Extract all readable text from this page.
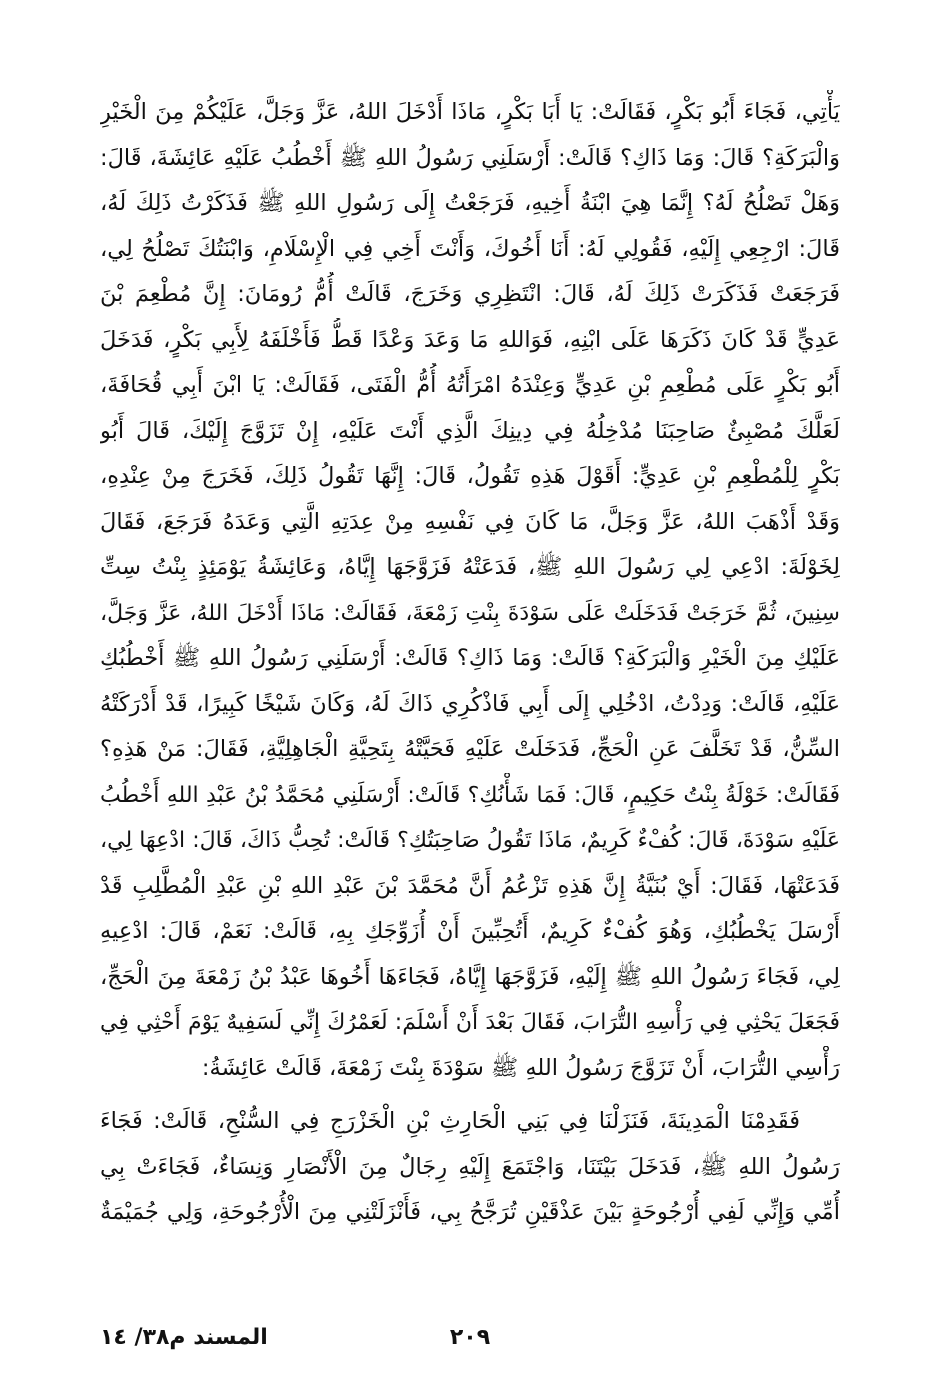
يَأْتِي، فَجَاءَ أَبُو بَكْرٍ، فَقَالَتْ: يَا أَبَا بَكْرٍ، مَاذَا أَدْخَلَ اللهُ، عَزَّ وَجَلَّ، عَلَيْكُمْ مِنَ الْخَيْرِ
وَالْبَرَكَةِ؟ قَالَ: وَمَا ذَاكِ؟ قَالَتْ: أَرْسَلَنِي رَسُولُ اللهِ ﷺ أَخْطُبُ عَلَيْهِ عَائِشَةَ، قَالَ:
وَهَلْ تَصْلُحُ لَهُ؟ إِنَّمَا هِيَ ابْنَةُ أَخِيهِ، فَرَجَعْتُ إِلَى رَسُولِ اللهِ ﷺ فَذَكَرْتُ ذَلِكَ لَهُ،
قَالَ: ارْجِعِي إِلَيْهِ، فَقُولِي لَهُ: أَنَا أَخُوكَ، وَأَنْتَ أَخِي فِي الْإِسْلَامِ، وَابْنَتُكَ تَصْلُحُ لِي،
فَرَجَعَتْ فَذَكَرَتْ ذَلِكَ لَهُ، قَالَ: انْتَظِرِي وَخَرَجَ، قَالَتْ أُمُّ رُومَانَ: إِنَّ مُطْعِمَ بْنَ
عَدِيٍّ قَدْ كَانَ ذَكَرَهَا عَلَى ابْنِهِ، فَوَاللهِ مَا وَعَدَ وَعْدًا قَطُّ فَأَخْلَفَهُ لِأَبِي بَكْرٍ، فَدَخَلَ
أَبُو بَكْرٍ عَلَى مُطْعِمِ بْنِ عَدِيٍّ وَعِنْدَهُ امْرَأَتُهُ أُمُّ الْفَتَى، فَقَالَتْ: يَا ابْنَ أَبِي قُحَافَةَ،
لَعَلَّكَ مُصْبِئٌ صَاحِبَنَا مُدْخِلُهُ فِي دِينِكَ الَّذِي أَنْتَ عَلَيْهِ، إِنْ تَزَوَّجَ إِلَيْكَ، قَالَ أَبُو
بَكْرٍ لِلْمُطْعِمِ بْنِ عَدِيٍّ: أَقَوْلَ هَذِهِ تَقُولُ، قَالَ: إِنَّهَا تَقُولُ ذَلِكَ، فَخَرَجَ مِنْ عِنْدِهِ،
وَقَدْ أَذْهَبَ اللهُ، عَزَّ وَجَلَّ، مَا كَانَ فِي نَفْسِهِ مِنْ عِدَتِهِ الَّتِي وَعَدَهُ فَرَجَعَ، فَقَالَ
لِخَوْلَةَ: ادْعِي لِي رَسُولَ اللهِ ﷺ، فَدَعَتْهُ فَزَوَّجَهَا إِيَّاهُ، وَعَائِشَةُ يَوْمَئِذٍ بِنْتُ سِتِّ
سِنِينَ، ثُمَّ خَرَجَتْ فَدَخَلَتْ عَلَى سَوْدَةَ بِنْتِ زَمْعَةَ، فَقَالَتْ: مَاذَا أَدْخَلَ اللهُ، عَزَّ وَجَلَّ،
عَلَيْكِ مِنَ الْخَيْرِ وَالْبَرَكَةِ؟ قَالَتْ: وَمَا ذَاكِ؟ قَالَتْ: أَرْسَلَنِي رَسُولُ اللهِ ﷺ أَخْطُبُكِ
عَلَيْهِ، قَالَتْ: وَدِدْتُ، ادْخُلِي إِلَى أَبِي فَاذْكُرِي ذَاكَ لَهُ، وَكَانَ شَيْخًا كَبِيرًا، قَدْ أَدْرَكَتْهُ
السِّنُّ، قَدْ تَخَلَّفَ عَنِ الْحَجِّ، فَدَخَلَتْ عَلَيْهِ فَحَيَّتْهُ بِتَحِيَّةِ الْجَاهِلِيَّةِ، فَقَالَ: مَنْ هَذِهِ؟
فَقَالَتْ: خَوْلَةُ بِنْتُ حَكِيمٍ، قَالَ: فَمَا شَأْنُكِ؟ قَالَتْ: أَرْسَلَنِي مُحَمَّدُ بْنُ عَبْدِ اللهِ أَخْطُبُ
عَلَيْهِ سَوْدَةَ، قَالَ: كُفْءٌ كَرِيمٌ، مَاذَا تَقُولُ صَاحِبَتُكِ؟ قَالَتْ: تُحِبُّ ذَاكَ، قَالَ: ادْعِهَا لِي،
فَدَعَتْهَا، فَقَالَ: أَيْ بُنَيَّةُ إِنَّ هَذِهِ تَزْعُمُ أَنَّ مُحَمَّدَ بْنَ عَبْدِ اللهِ بْنِ عَبْدِ الْمُطَّلِبِ قَدْ
أَرْسَلَ يَخْطُبُكِ، وَهُوَ كُفْءٌ كَرِيمٌ، أَتُحِبِّينَ أَنْ أُزَوِّجَكِ بِهِ، قَالَتْ: نَعَمْ، قَالَ: ادْعِيهِ
لِي، فَجَاءَ رَسُولُ اللهِ ﷺ إِلَيْهِ، فَزَوَّجَهَا إِيَّاهُ، فَجَاءَهَا أَخُوهَا عَبْدُ بْنُ زَمْعَةَ مِنَ الْحَجِّ،
فَجَعَلَ يَحْثِي فِي رَأْسِهِ التُّرَابَ، فَقَالَ بَعْدَ أَنْ أَسْلَمَ: لَعَمْرُكَ إِنِّي لَسَفِيهٌ يَوْمَ أَحْثِي فِي
رَأْسِي التُّرَابَ، أَنْ تَزَوَّجَ رَسُولُ اللهِ ﷺ سَوْدَةَ بِنْتَ زَمْعَةَ، قَالَتْ عَائِشَةُ:
فَقَدِمْنَا الْمَدِينَةَ، فَنَزَلْنَا فِي بَنِي الْحَارِثِ بْنِ الْخَزْرَجِ فِي السُّنْحِ، قَالَتْ: فَجَاءَ
رَسُولُ اللهِ ﷺ، فَدَخَلَ بَيْتَنَا، وَاجْتَمَعَ إِلَيْهِ رِجَالٌ مِنَ الْأَنْصَارِ وَنِسَاءٌ، فَجَاءَتْ بِي
أُمِّي وَإِنِّي لَفِي أُرْجُوحَةٍ بَيْنَ عَذْقَيْنِ تُرَجَّحُ بِي، فَأَنْزَلَتْنِي مِنَ الْأُرْجُوحَةِ، وَلِي جُمَيْمَةٌ
٢٠٩
المسند م٣٨/ ١٤
